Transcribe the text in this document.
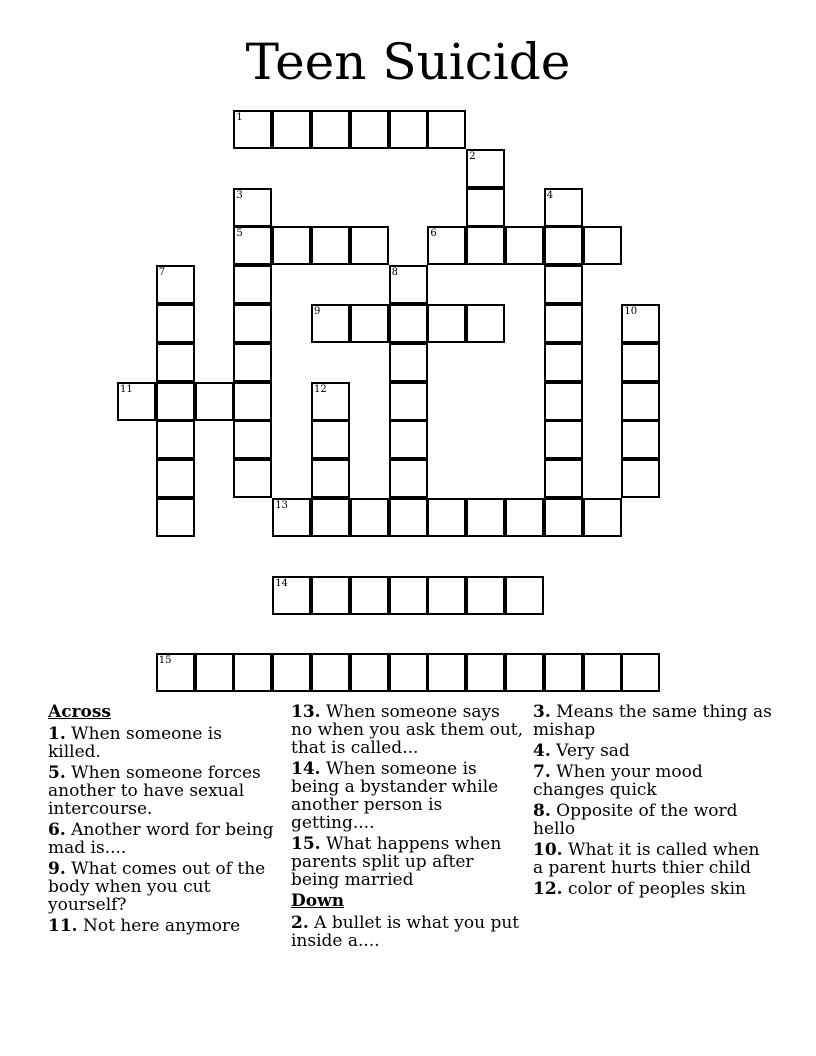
Teen Suicide
1
2
3
5
4
6
7	8
9	10
11	12
13
14
15
Across
1. When someone is killed.
5. When someone forces another to have sexual intercourse.
6. Another word for being mad is....
9. What comes out of the body when you cut yourself?
11. Not here anymore
13. When someone says no when you ask them out, that is called...
14. When someone is being a bystander while another person is getting....
15. What happens when parents split up after being married
Down
2. A bullet is what you put inside a....
3. Means the same thing as mishap
4. Very sad
7. When your mood changes quick
8. Opposite of the word hello
10. What it is called when a parent hurts thier child
12. color of peoples skin
